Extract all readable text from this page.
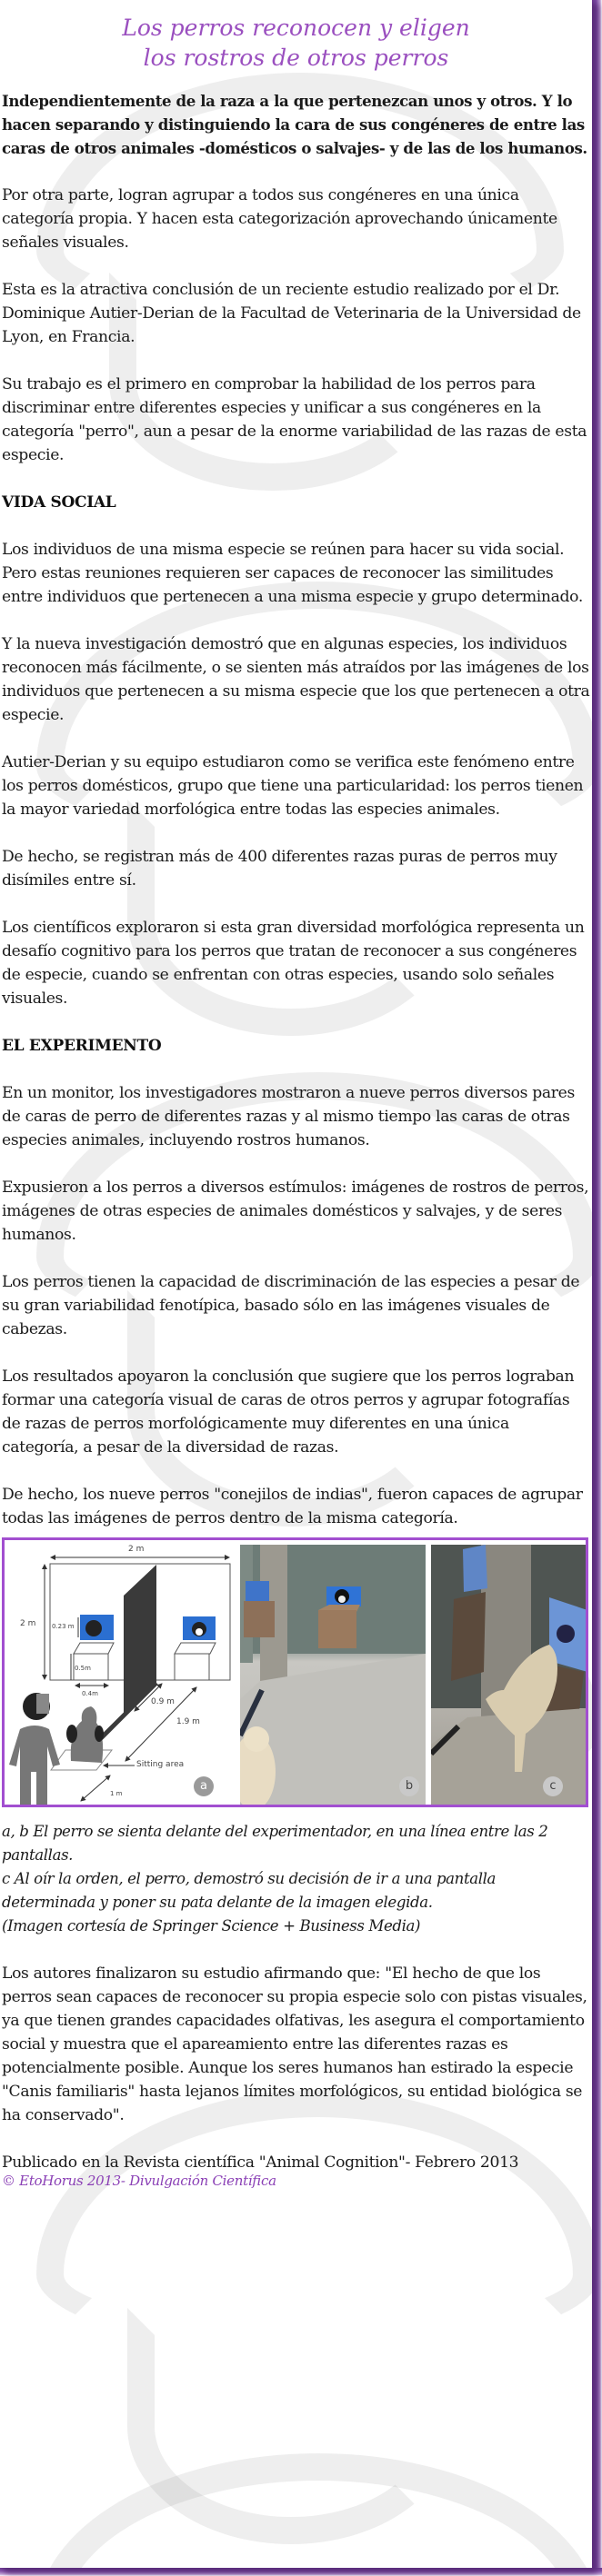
Los perros reconocen y eligen
los rostros de otros perros

Independientemente de la raza a la que pertenezcan unos y otros. Y lo hacen separando y distinguiendo la cara de sus congéneres de entre las caras de otros animales -domésticos o salvajes- y de las de los humanos.

Por otra parte, logran agrupar a todos sus congéneres en una única categoría propia. Y hacen esta categorización aprovechando únicamente señales visuales.

Esta es la atractiva conclusión de un reciente estudio realizado por el Dr. Dominique Autier-Derian de la Facultad de Veterinaria de la Universidad de Lyon, en Francia.

Su trabajo es el primero en comprobar la habilidad de los perros para discriminar entre diferentes especies y unificar a sus congéneres en la categoría "perro", aun a pesar de la enorme variabilidad de las razas de esta especie.

VIDA SOCIAL

Los individuos de una misma especie se reúnen para hacer su vida social. Pero estas reuniones requieren ser capaces de reconocer las similitudes entre individuos que pertenecen a una misma especie y grupo determinado.

Y la nueva investigación demostró que en algunas especies, los individuos reconocen más fácilmente, o se sienten más atraídos por las imágenes de los individuos que pertenecen a su misma especie que los que pertenecen a otra especie.

Autier-Derian y su equipo estudiaron como se verifica este fenómeno entre los perros domésticos, grupo que tiene una particularidad: los perros tienen la mayor variedad morfológica entre todas las especies animales.

De hecho, se registran más de 400 diferentes razas puras de perros muy disímiles entre sí.

Los científicos exploraron si esta gran diversidad morfológica representa un desafío cognitivo para los perros que tratan de reconocer a sus congéneres de especie, cuando se enfrentan con otras especies, usando solo señales visuales.

EL EXPERIMENTO

En un monitor, los investigadores mostraron a nueve perros diversos pares de caras de perro de diferentes razas y al mismo tiempo las caras de otras especies animales, incluyendo rostros humanos.

Expusieron a los perros a diversos estímulos: imágenes de rostros de perros, imágenes de otras especies de animales domésticos y salvajes, y de seres humanos.

Los perros tienen la capacidad de discriminación de las especies a pesar de su gran variabilidad fenotípica, basado sólo en las imágenes visuales de cabezas.

Los resultados apoyaron la conclusión que sugiere que los perros lograban formar una categoría visual de caras de otros perros y agrupar fotografías de razas de perros morfológicamente muy diferentes en una única categoría, a pesar de la diversidad de razas.

De hecho, los nueve perros "conejilos de indias", fueron capaces de agrupar todas las imágenes de perros dentro de la misma categoría.

2 m
2 m	0.23 m
0.5m
0.4m
0.9 m
1.9 m
Sitting area
1 m
a	b	c

a, b El perro se sienta delante del experimentador, en una línea entre las 2 pantallas.

c Al oír la orden, el perro, demostró su decisión de ir a una pantalla determinada y poner su pata delante de la imagen elegida.

(Imagen cortesía de Springer Science + Business Media)

Los autores finalizaron su estudio afirmando que: "El hecho de que los perros sean capaces de reconocer su propia especie solo con pistas visuales, ya que tienen grandes capacidades olfativas, les asegura el comportamiento social y muestra que el apareamiento entre las diferentes razas es potencialmente posible. Aunque los seres humanos han estirado la especie "Canis familiaris" hasta lejanos límites morfológicos, su entidad biológica se ha conservado".

Publicado en la Revista científica "Animal Cognition"- Febrero 2013

© EtoHorus 2013- Divulgación Científica
